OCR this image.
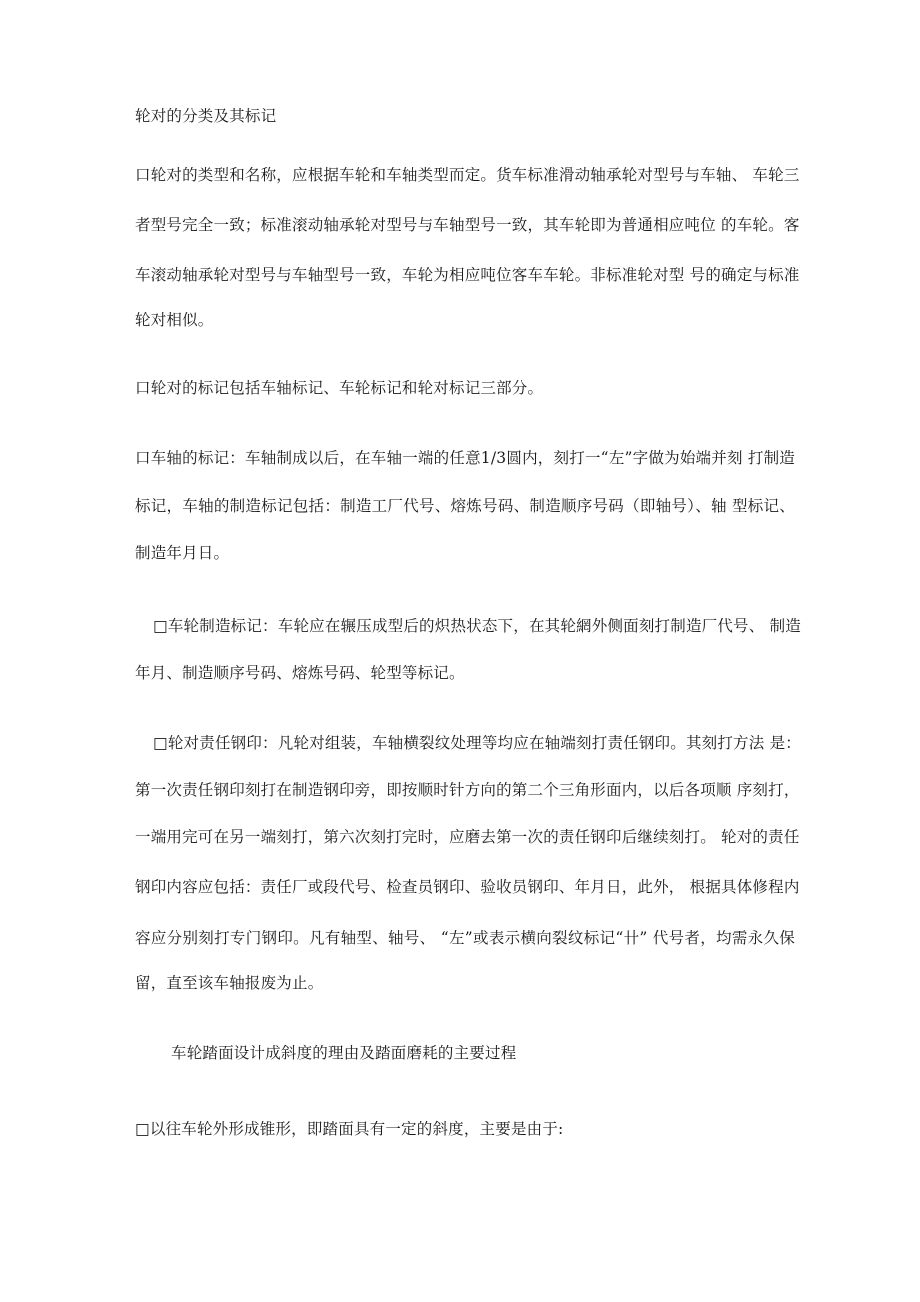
轮对的分类及其标记
口轮对的类型和名称，应根据车轮和车轴类型而定。货车标准滑动轴承轮对型号与车轴、 车轮三
者型号完全一致；标准滚动轴承轮对型号与车轴型号一致，其车轮即为普通相应吨位 的车轮。客
车滚动轴承轮对型号与车轴型号一致，车轮为相应吨位客车车轮。非标准轮对型 号的确定与标准
轮对相似。
口轮对的标记包括车轴标记、车轮标记和轮对标记三部分。
口车轴的标记：车轴制成以后，在车轴一端的任意1/3圆内，刻打一“左”字做为始端并刻 打制造
标记，车轴的制造标记包括：制造工厂代号、熔炼号码、制造顺序号码（即轴号）、轴 型标记、
制造年月日。
□车轮制造标记：车轮应在辗压成型后的炽热状态下，在其轮網外侧面刻打制造厂代号、 制造
年月、制造顺序号码、熔炼号码、轮型等标记。
□轮对责任钢印：凡轮对组装，车轴横裂纹处理等均应在轴端刻打责任钢印。其刻打方法 是：
第一次责任钢印刻打在制造钢印旁，即按顺时针方向的第二个三角形面内，以后各项顺 序刻打，
一端用完可在另一端刻打，第六次刻打完时，应磨去第一次的责任钢印后继续刻打。 轮对的责任
钢印内容应包括：责任厂或段代号、检查员钢印、验收员钢印、年月日，此外， 根据具体修程内
容应分别刻打专门钢印。凡有轴型、轴号、 “左”或表示横向裂纹标记“卄” 代号者，均需永久保
留，直至该车轴报废为止。
车轮踏面设计成斜度的理由及踏面磨耗的主要过程
□以往车轮外形成锥形，即踏面具有一定的斜度，主要是由于:
